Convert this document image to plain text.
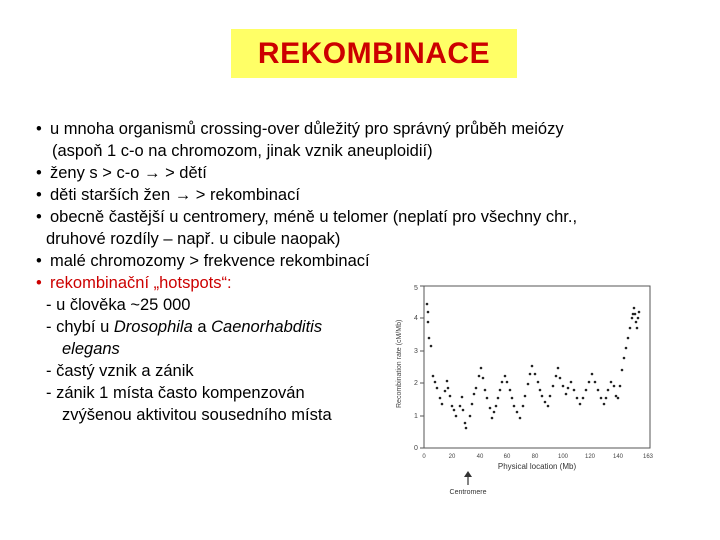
REKOMBINACE
• u mnoha organismů crossing-over důležitý pro správný průběh meiózy
(aspoň 1 c-o na chromozom, jinak vznik aneuploidií)
• ženy s > c-o → > dětí
• děti starších žen → > rekombinací
• obecně častější u centromery, méně u telomer (neplatí pro všechny chr.,
druhové rozdíly – např. u cibule naopak)
• malé chromozomy > frekvence rekombinací
• rekombinační „hotspots“:
- u člověka ~25 000
- chybí u Drosophila a Caenorhabditis
elegans
- častý vznik a zánik
- zánik 1 místa často kompenzován
zvýšenou aktivitou sousedního místa
0
1
2
3
4
5
0	20	40	60	80	100	120	140	163
Recombination rate (cM/Mb)
Physical location (Mb)
Centromere
